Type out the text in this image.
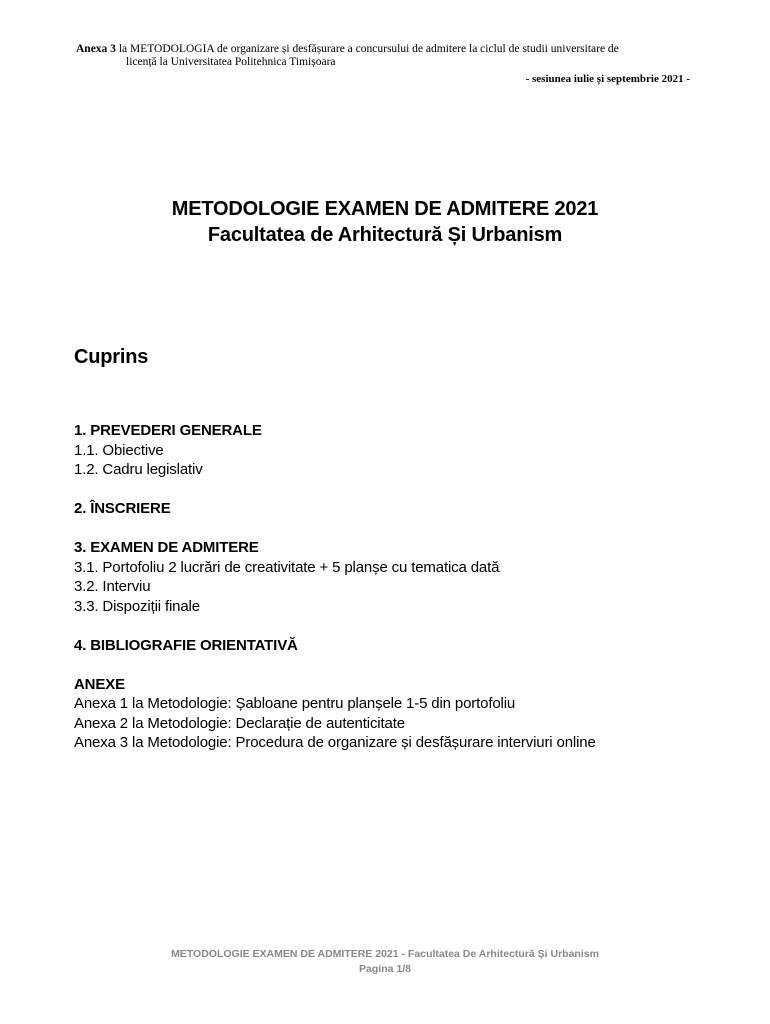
Anexa 3 la METODOLOGIA de organizare și desfășurare a concursului de admitere la ciclul de studii universitare de
licență la Universitatea Politehnica Timișoara
- sesiunea iulie și septembrie 2021 -
METODOLOGIE EXAMEN DE ADMITERE 2021
Facultatea de Arhitectură Și Urbanism
Cuprins
1. PREVEDERI GENERALE
1.1. Obiective
1.2. Cadru legislativ
2. ÎNSCRIERE
3. EXAMEN DE ADMITERE
3.1. Portofoliu 2 lucrări de creativitate + 5 planșe cu tematica dată
3.2. Interviu
3.3. Dispoziții finale
4. BIBLIOGRAFIE ORIENTATIVĂ
ANEXE
Anexa 1 la Metodologie: Șabloane pentru planșele 1-5 din portofoliu
Anexa 2 la Metodologie: Declarație de autenticitate
Anexa 3 la Metodologie: Procedura de organizare și desfășurare interviuri online
METODOLOGIE EXAMEN DE ADMITERE 2021 - Facultatea De Arhitectură Și Urbanism
Pagina 1/8
